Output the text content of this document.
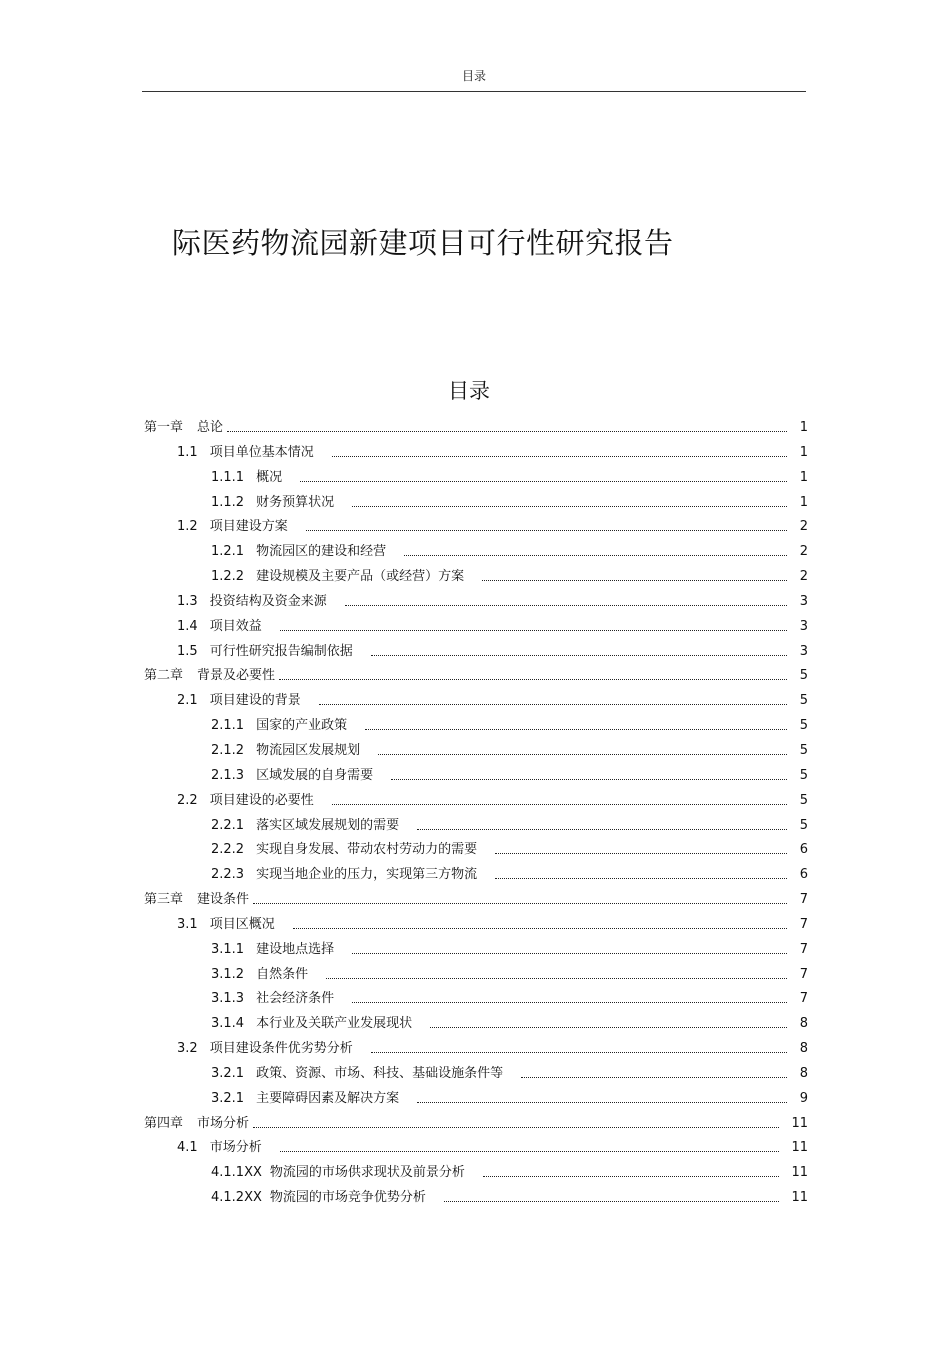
目录
际医药物流园新建项目可行性研究报告
目录
第一章 总论	1
1.1 项目单位基本情况	1
1.1.1 概况	1
1.1.2 财务预算状况	1
1.2 项目建设方案	2
1.2.1 物流园区的建设和经营	2
1.2.2 建设规模及主要产品（或经营）方案	2
1.3 投资结构及资金来源	3
1.4 项目效益	3
1.5 可行性研究报告编制依据	3
第二章 背景及必要性	5
2.1 项目建设的背景	5
2.1.1 国家的产业政策	5
2.1.2 物流园区发展规划	5
2.1.3 区域发展的自身需要	5
2.2 项目建设的必要性	5
2.2.1 落实区域发展规划的需要	5
2.2.2 实现自身发展、带动农村劳动力的需要	6
2.2.3 实现当地企业的压力，实现第三方物流	6
第三章 建设条件	7
3.1 项目区概况	7
3.1.1 建设地点选择	7
3.1.2 自然条件	7
3.1.3 社会经济条件	7
3.1.4 本行业及关联产业发展现状	8
3.2 项目建设条件优劣势分析	8
3.2.1 政策、资源、市场、科技、基础设施条件等	8
3.2.1 主要障碍因素及解决方案	9
第四章 市场分析	11
4.1 市场分析	11
4.1.1XX 物流园的市场供求现状及前景分析	11
4.1.2XX 物流园的市场竞争优势分析	11
